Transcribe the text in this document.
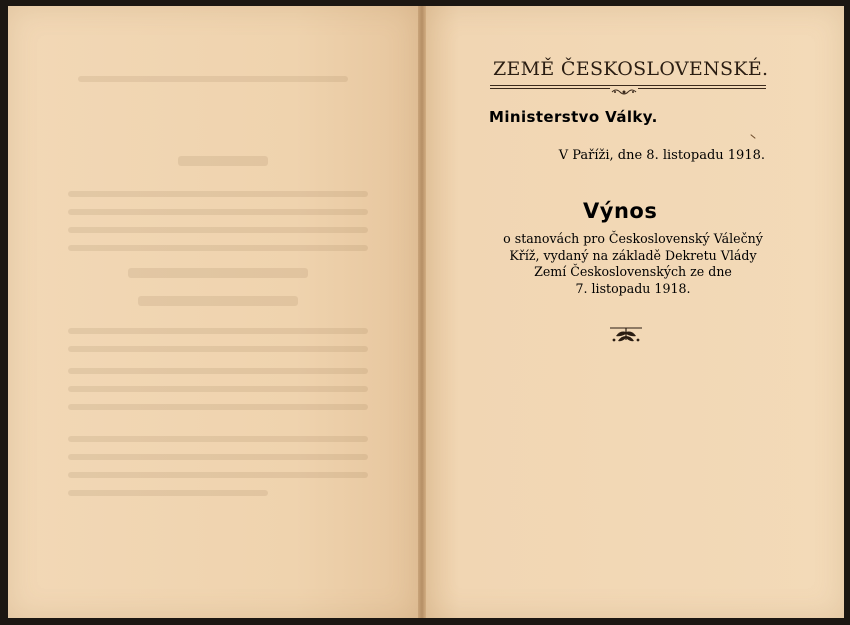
ZEMĚ ČESKOSLOVENSKÉ.
Ministerstvo Války.
V Paříži, dne 8. listopadu 1918.
Výnos
o stanovách pro Československý Válečný
Kříž, vydaný na základě Dekretu Vlády
Zemí Československých ze dne
7. listopadu 1918.
